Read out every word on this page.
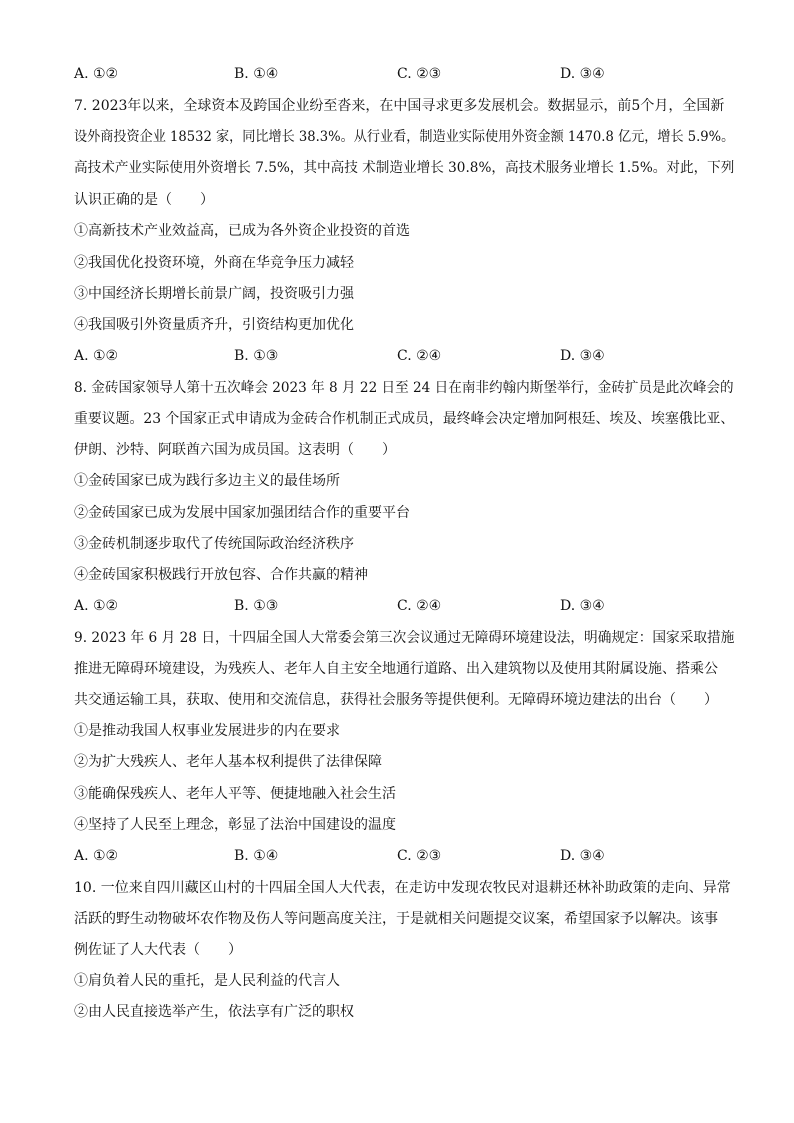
A. ①②	B. ①④	C. ②③	D. ③④
7. 2023年以来，全球资本及跨国企业纷至沓来，在中国寻求更多发展机会。数据显示，前5个月，全国新
设外商投资企业 18532 家，同比增长 38.3%。从行业看，制造业实际使用外资金额 1470.8 亿元，增长 5.9%。
高技术产业实际使用外资增长 7.5%，其中高技 术制造业增长 30.8%，高技术服务业增长 1.5%。对此，下列
认识正确的是（　　）
①高新技术产业效益高，已成为各外资企业投资的首选
②我国优化投资环境，外商在华竞争压力减轻
③中国经济长期增长前景广阔，投资吸引力强
④我国吸引外资量质齐升，引资结构更加优化
A. ①②	B. ①③	C. ②④	D. ③④
8. 金砖国家领导人第十五次峰会 2023 年 8 月 22 日至 24 日在南非约翰内斯堡举行，金砖扩员是此次峰会的
重要议题。23 个国家正式申请成为金砖合作机制正式成员，最终峰会决定增加阿根廷、埃及、埃塞俄比亚、
伊朗、沙特、阿联酋六国为成员国。这表明（　　）
①金砖国家已成为践行多边主义的最佳场所
②金砖国家已成为发展中国家加强团结合作的重要平台
③金砖机制逐步取代了传统国际政治经济秩序
④金砖国家积极践行开放包容、合作共赢的精神
A. ①②	B. ①③	C. ②④	D. ③④
9. 2023 年 6 月 28 日，十四届全国人大常委会第三次会议通过无障碍环境建设法，明确规定：国家采取措施
推进无障碍环境建设，为残疾人、老年人自主安全地通行道路、出入建筑物以及使用其附属设施、搭乘公
共交通运输工具，获取、使用和交流信息，获得社会服务等提供便利。无障碍环境边建法的出台（　　）
①是推动我国人权事业发展进步的内在要求
②为扩大残疾人、老年人基本权利提供了法律保障
③能确保残疾人、老年人平等、便捷地融入社会生活
④坚持了人民至上理念，彰显了法治中国建设的温度
A. ①②	B. ①④	C. ②③	D. ③④
10. 一位来自四川藏区山村的十四届全国人大代表，在走访中发现农牧民对退耕还林补助政策的走向、异常
活跃的野生动物破坏农作物及伤人等问题高度关注，于是就相关问题提交议案，希望国家予以解决。该事
例佐证了人大代表（　　）
①肩负着人民的重托，是人民利益的代言人
②由人民直接选举产生，依法享有广泛的职权
